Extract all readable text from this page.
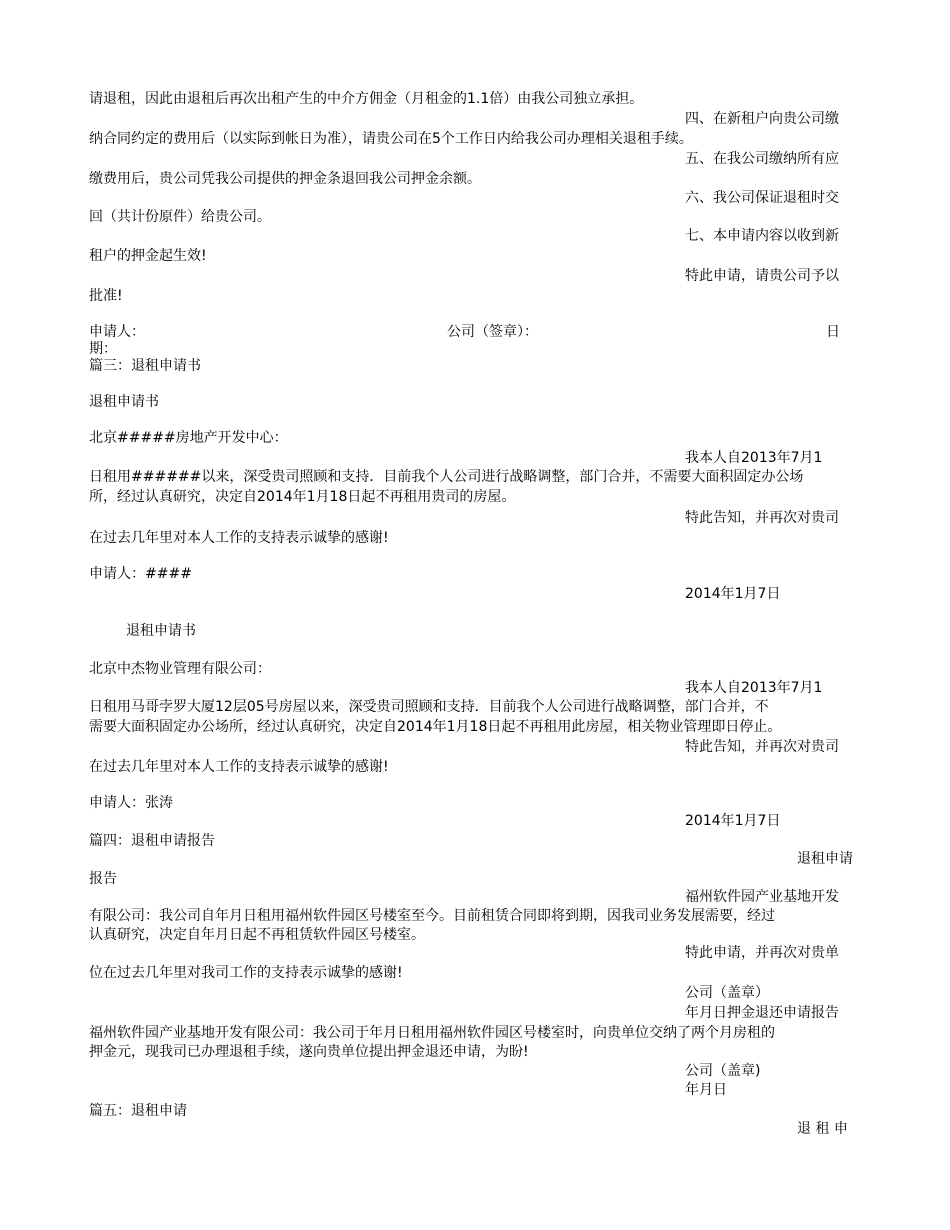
请退租，因此由退租后再次出租产生的中介方佣金（月租金的1.1倍）由我公司独立承担。
四、在新租户向贵公司缴
纳合同约定的费用后（以实际到帐日为准），请贵公司在5个工作日内给我公司办理相关退租手续。
五、在我公司缴纳所有应
缴费用后，贵公司凭我公司提供的押金条退回我公司押金余额。
六、我公司保证退租时交
回（共计份原件）给贵公司。
七、本申请内容以收到新
租户的押金起生效!
特此申请，请贵公司予以
批准!
申请人：	公司（签章）：	日
期：
篇三：退租申请书
退租申请书
北京#####房地产开发中心：
我本人自2013年7月1
日租用######以来，深受贵司照顾和支持．目前我个人公司进行战略调整，部门合并，不需要大面积固定办公场
所，经过认真研究，决定自2014年1月18日起不再租用贵司的房屋。
特此告知，并再次对贵司
在过去几年里对本人工作的支持表示诚挚的感谢!
申请人：####
2014年1月7日
退租申请书
北京中杰物业管理有限公司：
我本人自2013年7月1
日租用马哥孛罗大厦12层05号房屋以来，深受贵司照顾和支持．目前我个人公司进行战略调整，部门合并，不
需要大面积固定办公场所，经过认真研究，决定自2014年1月18日起不再租用此房屋，相关物业管理即日停止。
特此告知，并再次对贵司
在过去几年里对本人工作的支持表示诚挚的感谢!
申请人：张涛
2014年1月7日
篇四：退租申请报告
退租申请
报告
福州软件园产业基地开发
有限公司：我公司自年月日租用福州软件园区号楼室至今。目前租赁合同即将到期，因我司业务发展需要，经过
认真研究，决定自年月日起不再租赁软件园区号楼室。
特此申请，并再次对贵单
位在过去几年里对我司工作的支持表示诚挚的感谢!
公司（盖章）
年月日押金退还申请报告
福州软件园产业基地开发有限公司：我公司于年月日租用福州软件园区号楼室时，向贵单位交纳了两个月房租的
押金元，现我司已办理退租手续，遂向贵单位提出押金退还申请，为盼!
公司（盖章)
年月日
篇五：退租申请
退 租 申
